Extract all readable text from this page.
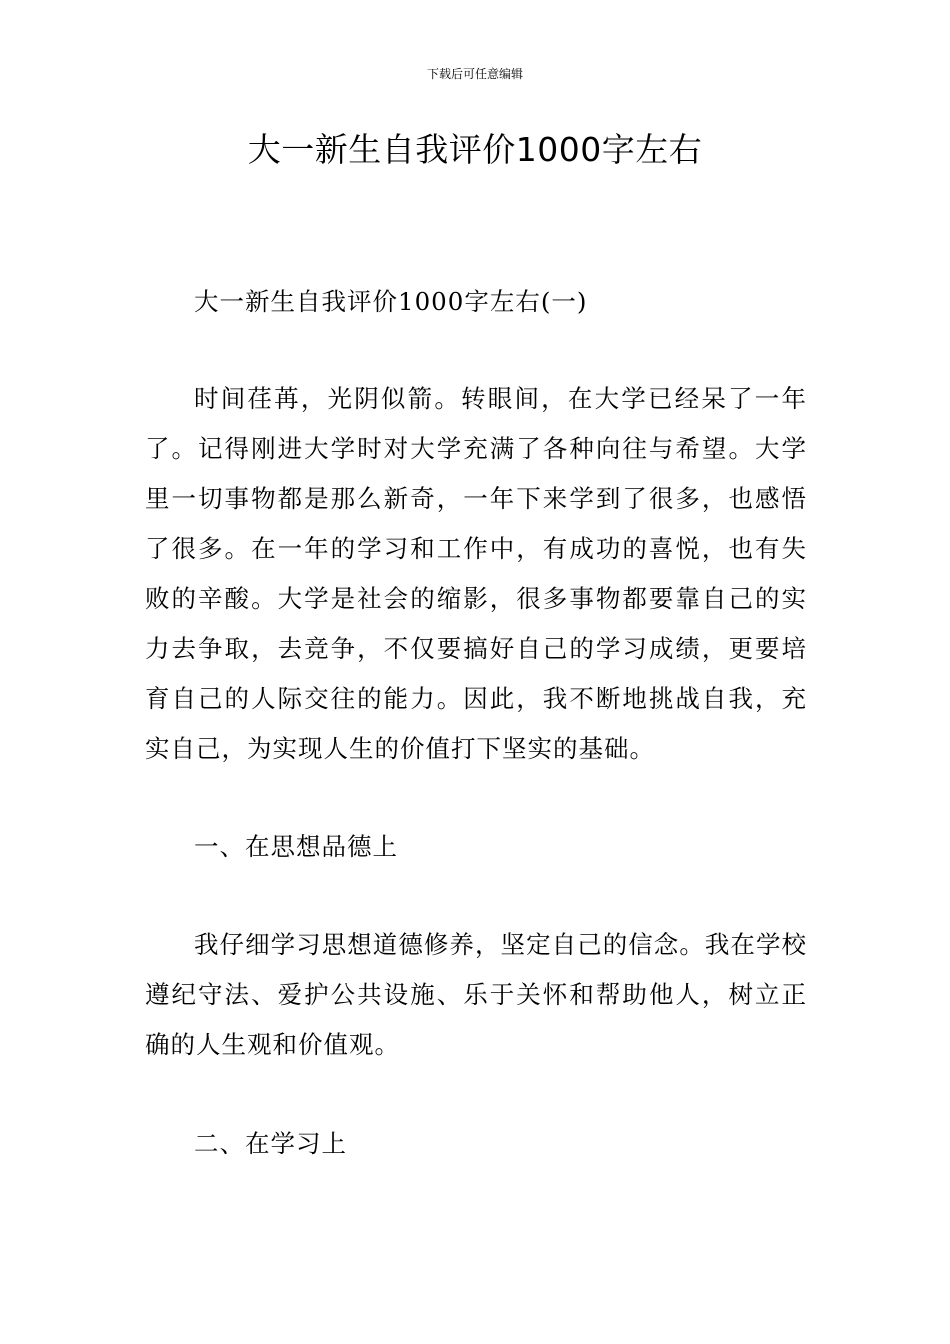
下载后可任意编辑
大一新生自我评价1000字左右

大一新生自我评价1000字左右(一)

时间荏苒，光阴似箭。转眼间，在大学已经呆了一年了。记得刚进大学时对大学充满了各种向往与希望。大学里一切事物都是那么新奇，一年下来学到了很多，也感悟了很多。在一年的学习和工作中，有成功的喜悦，也有失败的辛酸。大学是社会的缩影，很多事物都要靠自己的实力去争取，去竞争，不仅要搞好自己的学习成绩，更要培育自己的人际交往的能力。因此，我不断地挑战自我，充实自己，为实现人生的价值打下坚实的基础。

一、在思想品德上

我仔细学习思想道德修养，坚定自己的信念。我在学校遵纪守法、爱护公共设施、乐于关怀和帮助他人，树立正确的人生观和价值观。

二、在学习上
